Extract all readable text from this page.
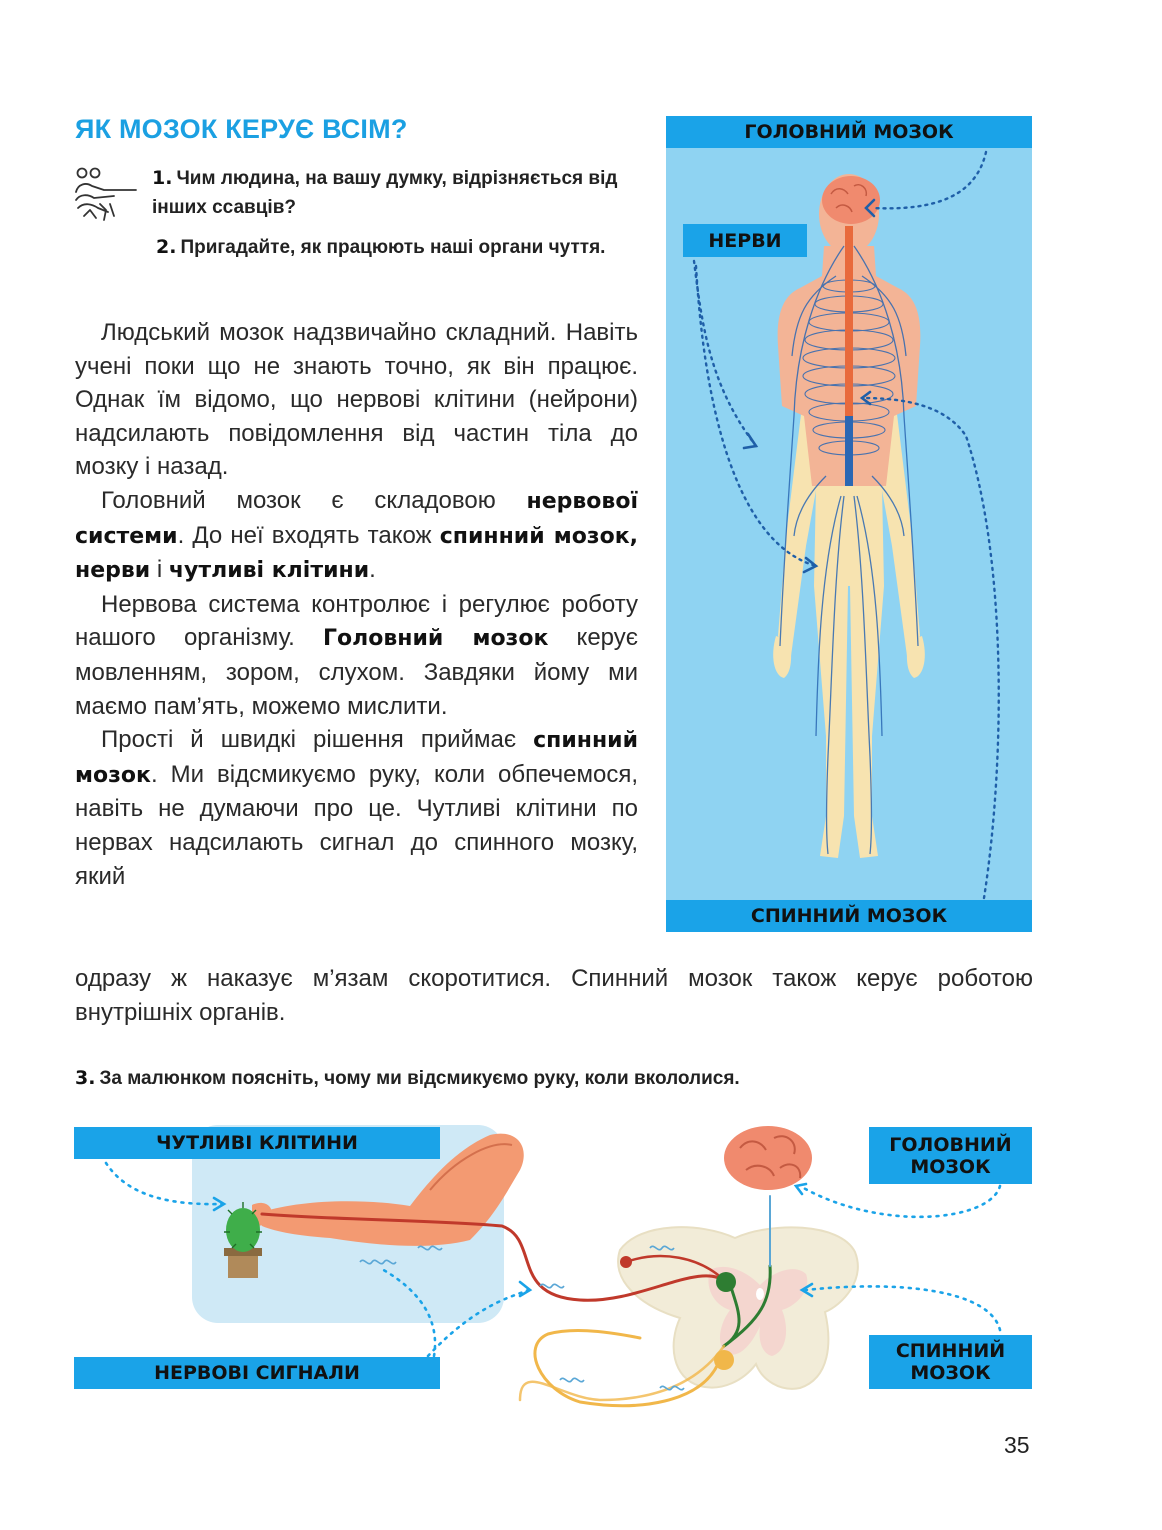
ЯК МОЗОК КЕРУЄ ВСІМ?
1. Чим людина, на вашу думку, відрізняється від інших ссавців?
2. Пригадайте, як працюють наші органи чуття.

Людський мозок надзвичайно складний. Навіть учені поки що не знають точно, як він працює. Однак їм відомо, що нервові клітини (нейрони) надсилають повідомлення від частин тіла до мозку і назад.

Головний мозок є складовою нервової системи. До неї входять також спинний мозок, нерви і чутливі клітини.

Нервова система контролює і регулює роботу нашого організму. Головний мозок керує мовленням, зором, слухом. Завдяки йому ми маємо пам’ять, можемо мислити.

Прості й швидкі рішення приймає спинний мозок. Ми відсмикуємо руку, коли обпечемося, навіть не думаючи про це. Чутливі клітини по нервах надсилають сигнал до спинного мозку, який

одразу ж наказує м’язам скоротитися. Спинний мозок також керує роботою внутрішніх органів.

ГОЛОВНИЙ МОЗОК
НЕРВИ
СПИННИЙ МОЗОК
3. За малюнком поясніть, чому ми відсмикуємо руку, коли вкололися.
ЧУТЛИВІ КЛІТИНИ
НЕРВОВІ СИГНАЛИ
ГОЛОВНИЙ МОЗОК
СПИННИЙ МОЗОК
35
